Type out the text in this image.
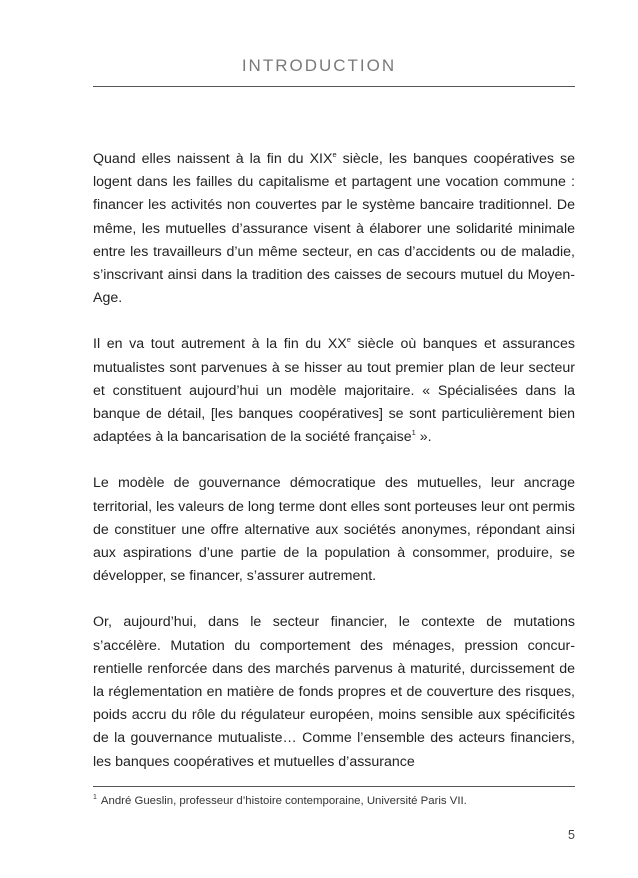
INTRODUCTION

Quand elles naissent à la fin du XIXe siècle, les banques coopératives se logent dans les failles du capitalisme et partagent une vocation commune : financer les activités non couvertes par le système bancaire traditionnel. De même, les mutuelles d’assurance visent à élaborer une solidarité minimale entre les travailleurs d’un même secteur, en cas d’accidents ou de maladie, s’inscrivant ainsi dans la tradition des caisses de secours mutuel du Moyen-Age.

Il en va tout autrement à la fin du XXe siècle où banques et assurances mutualistes sont parvenues à se hisser au tout premier plan de leur secteur et constituent aujourd’hui un modèle majoritaire. « Spécialisées dans la banque de détail, [les banques coopératives] se sont particulièrement bien adaptées à la bancarisation de la société française$^1$ ».

Le modèle de gouvernance démocratique des mutuelles, leur ancrage territorial, les valeurs de long terme dont elles sont porteuses leur ont permis de constituer une offre alternative aux sociétés anonymes, répondant ainsi aux aspirations d’une partie de la population à consommer, produire, se développer, se financer, s’assurer autrement.

Or, aujourd’hui, dans le secteur financier, le contexte de mutations s’accélère. Mutation du comportement des ménages, pression concurrentielle renforcée dans des marchés parvenus à maturité, durcissement de la réglementation en matière de fonds propres et de couverture des risques, poids accru du rôle du régulateur européen, moins sensible aux spécificités de la gouvernance mutualiste… Comme l’ensemble des acteurs financiers, les banques coopératives et mutuelles d’assurance

$^1$ André Gueslin, professeur d’histoire contemporaine, Université Paris VII.
5
